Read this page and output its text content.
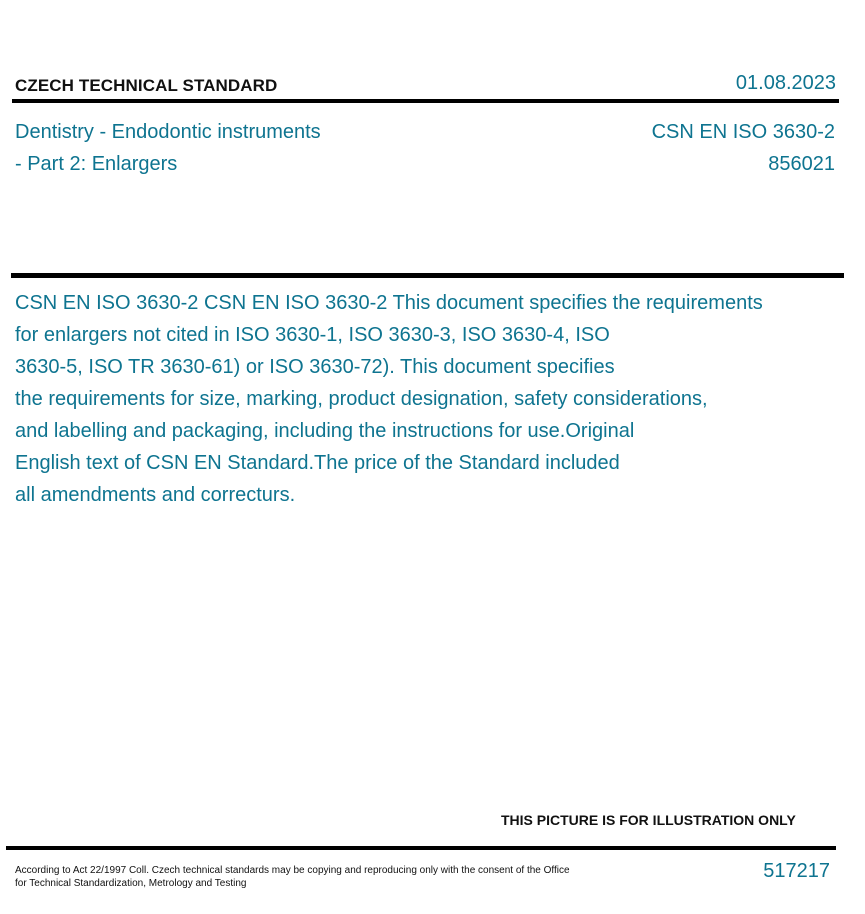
CZECH TECHNICAL STANDARD	01.08.2023
Dentistry - Endodontic instruments
- Part 2: Enlargers
CSN EN ISO 3630-2
856021
CSN EN ISO 3630-2 CSN EN ISO 3630-2 This document specifies the requirements
for enlargers not cited in ISO 3630-1, ISO 3630-3, ISO 3630-4, ISO
3630-5, ISO TR 3630-61) or ISO 3630-72). This document specifies
the requirements for size, marking, product designation, safety considerations,
and labelling and packaging, including the instructions for use.Original
English text of CSN EN Standard.The price of the Standard included
all amendments and correcturs.
THIS PICTURE IS FOR ILLUSTRATION ONLY
According to Act 22/1997 Coll. Czech technical standards may be copying and reproducing only with the consent of the Office
for Technical Standardization, Metrology and Testing
517217
